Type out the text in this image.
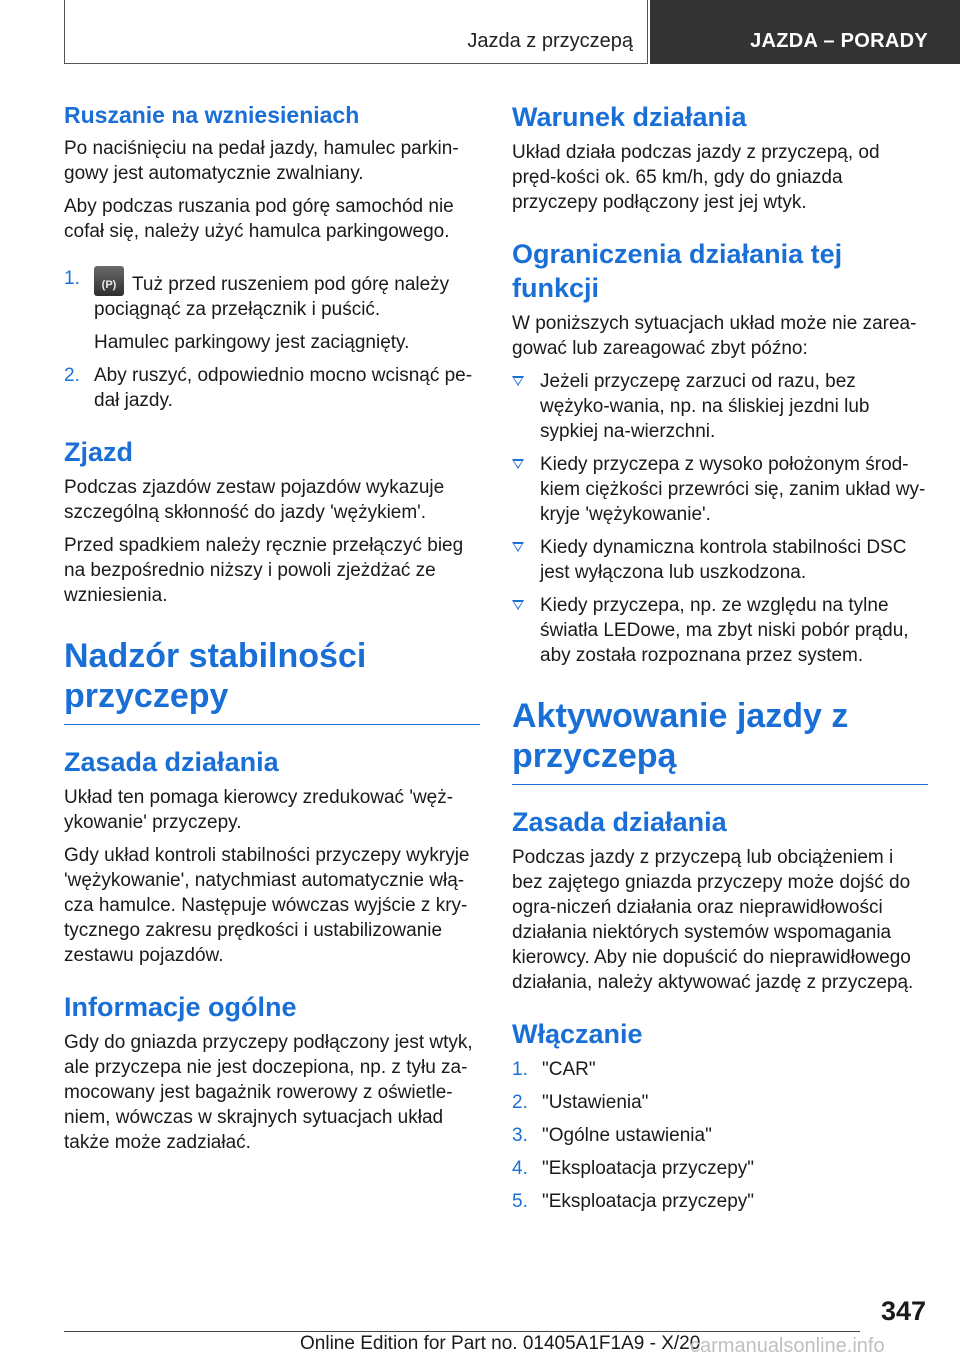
Jazda z przyczepą	JAZDA – PORADY
Ruszanie na wzniesieniach

Po naciśnięciu na pedał jazdy, hamulec parkin-gowy jest automatycznie zwalniany.

Aby podczas ruszania pod górę samochód nie cofał się, należy użyć hamulca parkingowego.

1.
(P)	Tuż przed ruszeniem pod górę należy pociągnąć za przełącznik i puścić.
Hamulec parkingowy jest zaciągnięty.
2. Aby ruszyć, odpowiednio mocno wcisnąć pe-dał jazdy.
Zjazd

Podczas zjazdów zestaw pojazdów wykazuje szczególną skłonność do jazdy 'wężykiem'.

Przed spadkiem należy ręcznie przełączyć bieg na bezpośrednio niższy i powoli zjeżdżać ze wzniesienia.

Nadzór stabilności przyczepy
Zasada działania

Układ ten pomaga kierowcy zredukować 'węż-ykowanie' przyczepy.

Gdy układ kontroli stabilności przyczepy wykryje 'wężykowanie', natychmiast automatycznie włą-cza hamulce. Następuje wówczas wyjście z kry-tycznego zakresu prędkości i ustabilizowanie zestawu pojazdów.

Informacje ogólne

Gdy do gniazda przyczepy podłączony jest wtyk, ale przyczepa nie jest doczepiona, np. z tyłu za-mocowany jest bagażnik rowerowy z oświetle-niem, wówczas w skrajnych sytuacjach układ także może zadziałać.

Warunek działania

Układ działa podczas jazdy z przyczepą, od pręd-kości ok. 65 km/h, gdy do gniazda przyczepy podłączony jest jej wtyk.

Ograniczenia działania tej funkcji

W poniższych sytuacjach układ może nie zarea-gować lub zareagować zbyt późno:

Jeżeli przyczepę zarzuci od razu, bez wężyko-wania, np. na śliskiej jezdni lub sypkiej na-wierzchni.
Kiedy przyczepa z wysoko położonym środ-kiem ciężkości przewróci się, zanim układ wy-kryje 'wężykowanie'.
Kiedy dynamiczna kontrola stabilności DSC jest wyłączona lub uszkodzona.
Kiedy przyczepa, np. ze względu na tylne światła LEDowe, ma zbyt niski pobór prądu, aby została rozpoznana przez system.
Aktywowanie jazdy z przyczepą
Zasada działania

Podczas jazdy z przyczepą lub obciążeniem i bez zajętego gniazda przyczepy może dojść do ogra-niczeń działania oraz nieprawidłowości działania niektórych systemów wspomagania kierowcy. Aby nie dopuścić do nieprawidłowego działania, należy aktywować jazdę z przyczepą.

Włączanie
1. "CAR"
2. "Ustawienia"
3. "Ogólne ustawienia"
4. "Eksploatacja przyczepy"
5. "Eksploatacja przyczepy"
347
Online Edition for Part no. 01405A1F1A9 - X/20
carmanualsonline.info
